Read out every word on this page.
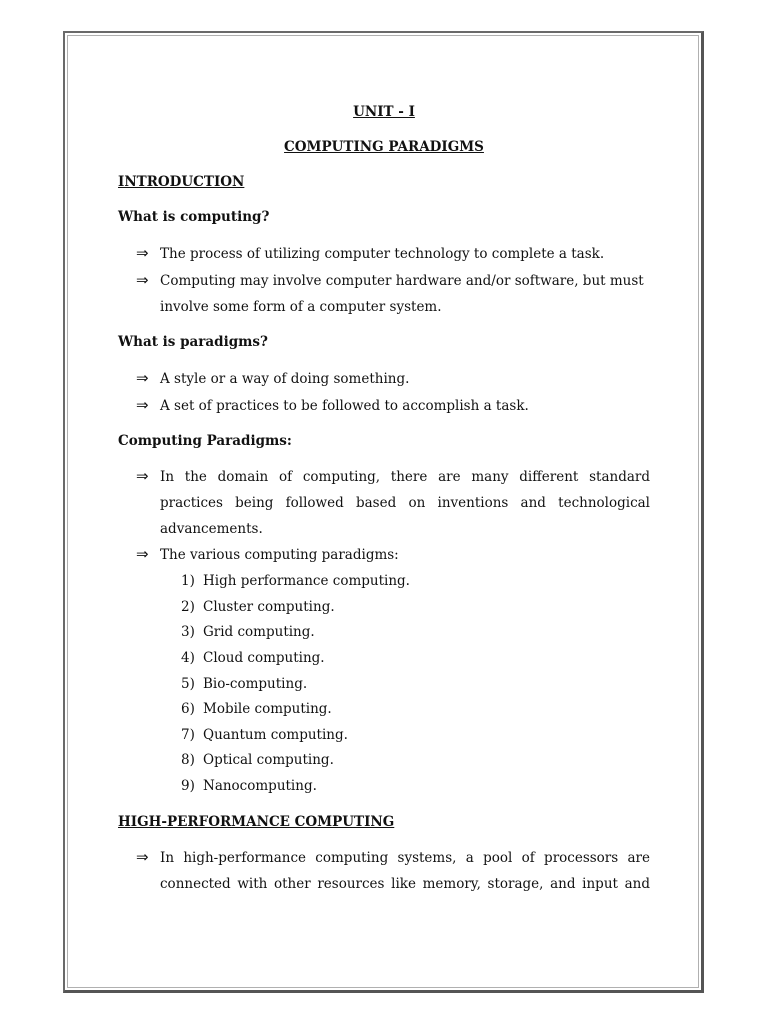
UNIT - I
COMPUTING PARADIGMS
INTRODUCTION
What is computing?
⇒ The process of utilizing computer technology to complete a task.
⇒ Computing may involve computer hardware and/or software, but must
involve some form of a computer system.
What is paradigms?
⇒ A style or a way of doing something.
⇒ A set of practices to be followed to accomplish a task.
Computing Paradigms:
⇒ In the domain of computing, there are many different standard
practices being followed based on inventions and technological
advancements.
⇒ The various computing paradigms:
1) High performance computing.
2) Cluster computing.
3) Grid computing.
4) Cloud computing.
5) Bio-computing.
6) Mobile computing.
7) Quantum computing.
8) Optical computing.
9) Nanocomputing.
HIGH-PERFORMANCE COMPUTING
⇒ In high-performance computing systems, a pool of processors are
connected with other resources like memory, storage, and input and
